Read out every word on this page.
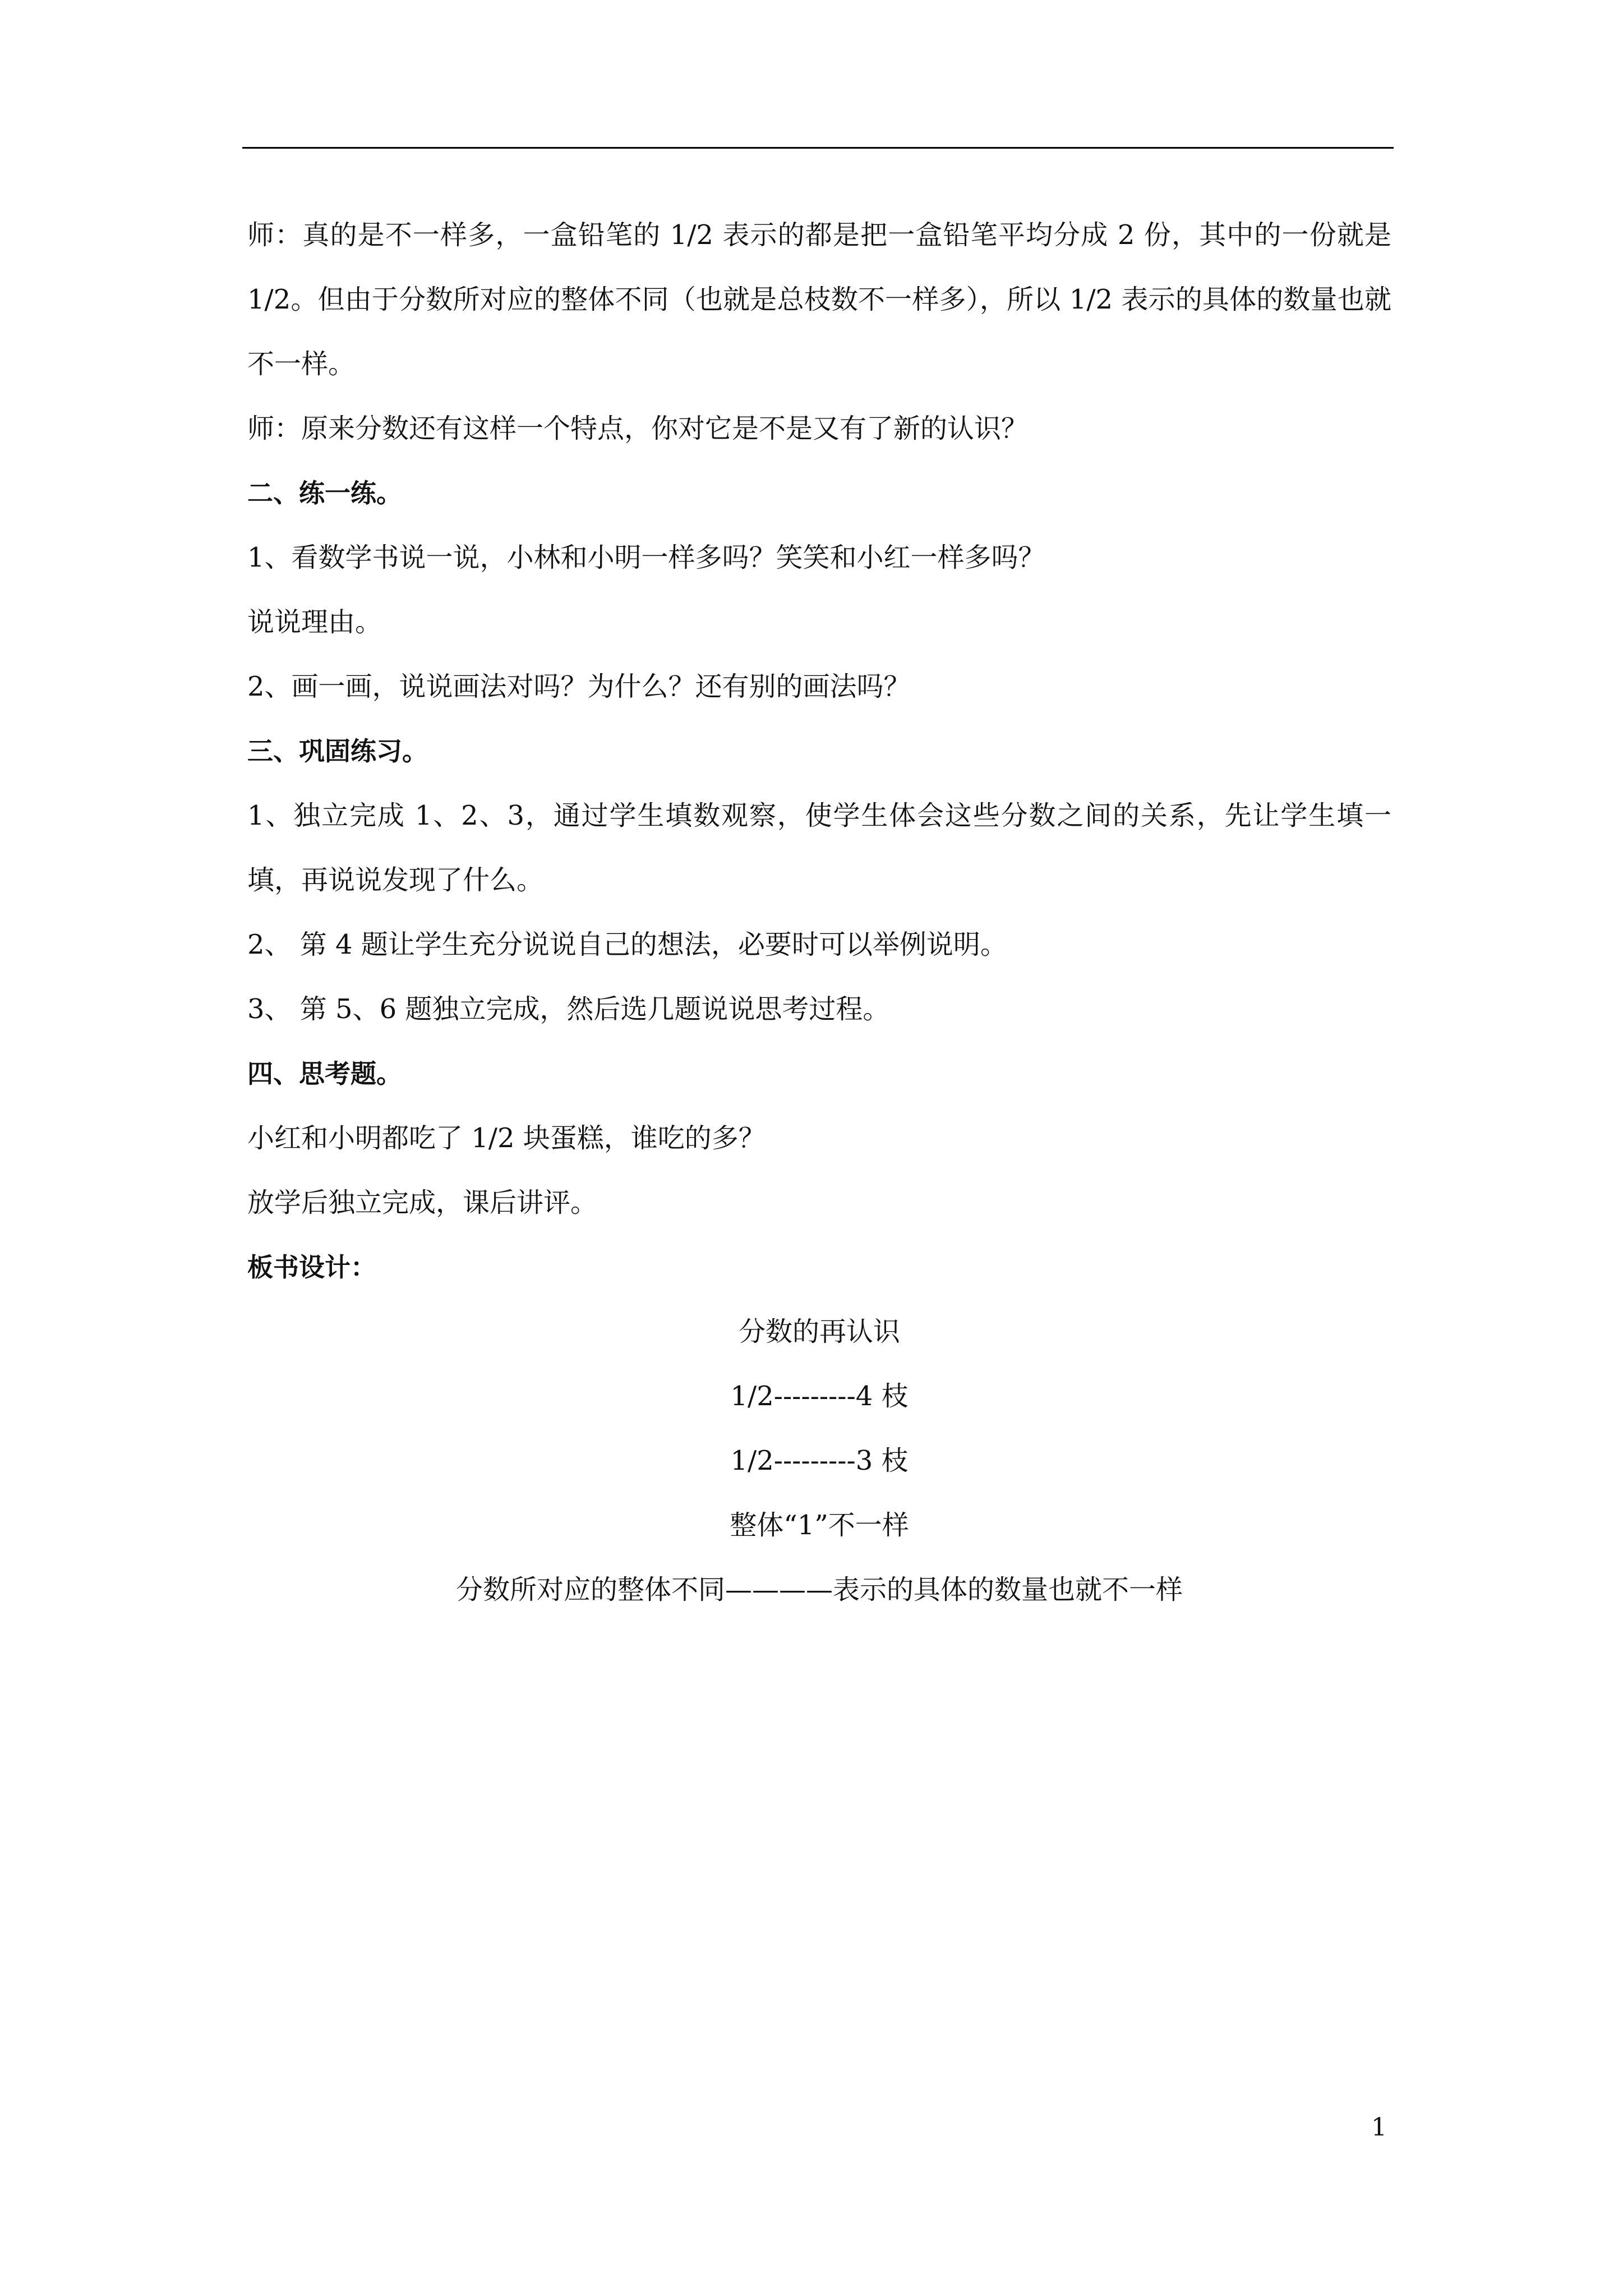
师：真的是不一样多，一盒铅笔的 1/2 表示的都是把一盒铅笔平均分成 2 份，其中的一份就是 1/2。但由于分数所对应的整体不同（也就是总枝数不一样多），所以 1/2 表示的具体的数量也就不一样。

师：原来分数还有这样一个特点，你对它是不是又有了新的认识？

二、练一练。

1、看数学书说一说，小林和小明一样多吗？笑笑和小红一样多吗？

说说理由。

2、画一画，说说画法对吗？为什么？还有别的画法吗？

三、巩固练习。

1、独立完成 1、2、3，通过学生填数观察，使学生体会这些分数之间的关系，先让学生填一填，再说说发现了什么。

2、 第 4 题让学生充分说说自己的想法，必要时可以举例说明。

3、 第 5、6 题独立完成，然后选几题说说思考过程。

四、思考题。

小红和小明都吃了 1/2 块蛋糕，谁吃的多？

放学后独立完成，课后讲评。

板书设计：

分数的再认识

1/2---------4 枝

1/2---------3 枝

整体“1”不一样

分数所对应的整体不同————表示的具体的数量也就不一样

1
